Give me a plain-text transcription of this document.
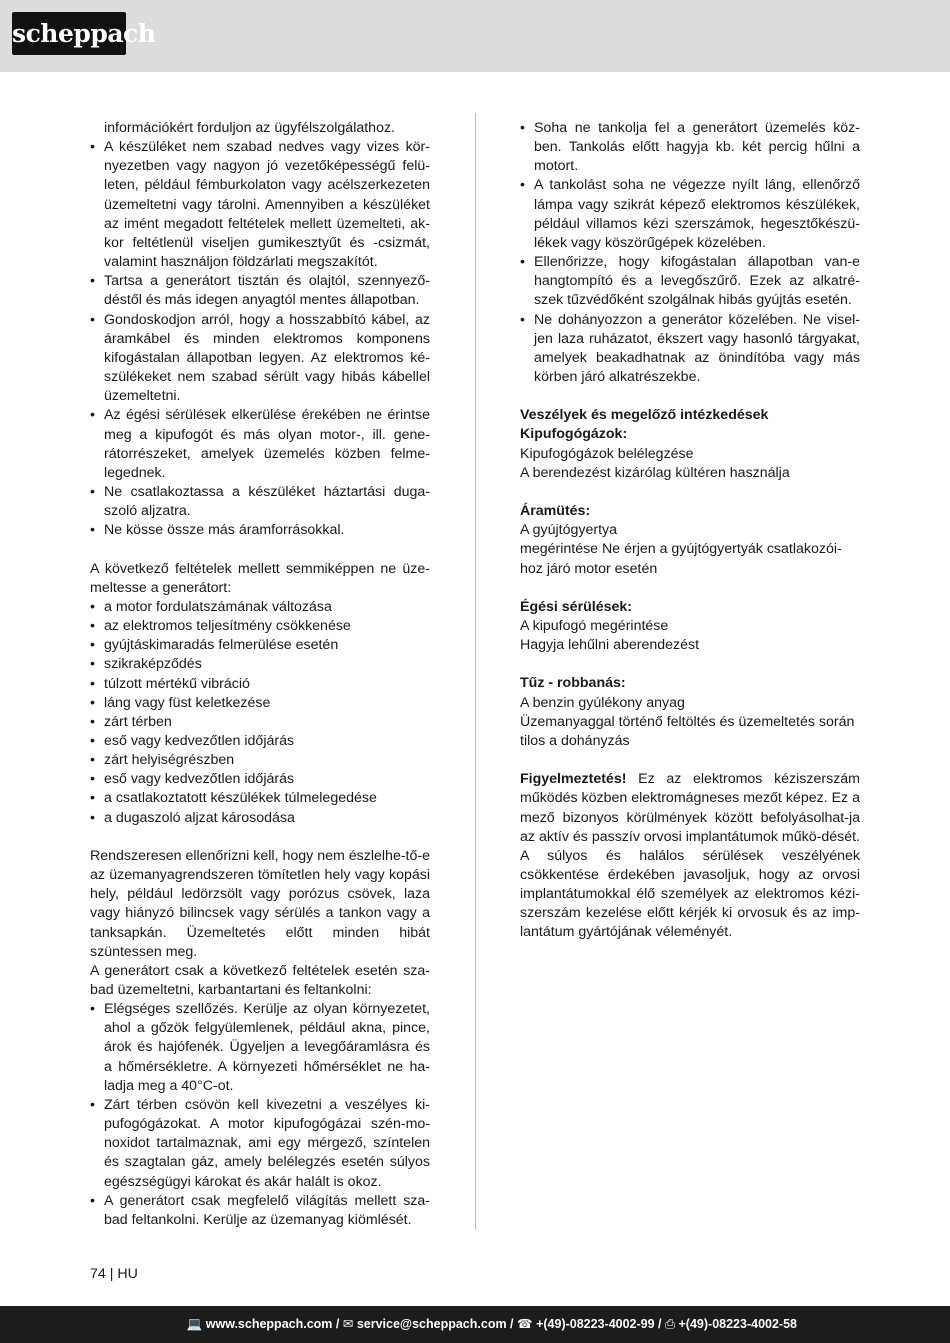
scheppach
információkért forduljon az ügyfélszolgálathoz.
• A készüléket nem szabad nedves vagy vizes kör-nyezetben vagy nagyon jó vezetőképességű felü-leten, például fémburkolaton vagy acélszerkezeten üzemeltetni vagy tárolni. Amennyiben a készüléket az imént megadott feltételek mellett üzemelteti, ak-kor feltétlenül viseljen gumikesztyűt és -csizmát, valamint használjon földzárlati megszakítót.
• Tartsa a generátort tisztán és olajtól, szennyező-déstől és más idegen anyagtól mentes állapotban.
• Gondoskodjon arról, hogy a hosszabbító kábel, az áramkábel és minden elektromos komponens kifogástalan állapotban legyen. Az elektromos ké-szülékeket nem szabad sérült vagy hibás kábellel üzemeltetni.
• Az égési sérülések elkerülése érekében ne érintse meg a kipufogót és más olyan motor-, ill. gene-rátorrészeket, amelyek üzemelés közben felme-legednek.
• Ne csatlakoztassa a készüléket háztartási duga-szoló aljzatra.
• Ne kösse össze más áramforrásokkal.

A következő feltételek mellett semmiképpen ne üze-meltesse a generátort:

• a motor fordulatszámának változása
• az elektromos teljesítmény csökkenése
• gyújtáskimaradás felmerülése esetén
• szikraképződés
• túlzott mértékű vibráció
• láng vagy füst keletkezése
• zárt térben
• eső vagy kedvezőtlen időjárás
• zárt helyiségrészben
• eső vagy kedvezőtlen időjárás
• a csatlakoztatott készülékek túlmelegedése
• a dugaszoló aljzat károsodása

Rendszeresen ellenőrizni kell, hogy nem észlelhe-tő-e az üzemanyagrendszeren tömítetlen hely vagy kopási hely, például ledörzsölt vagy porózus csövek, laza vagy hiányzó bilincsek vagy sérülés a tankon vagy a tanksapkán. Üzemeltetés előtt minden hibát szüntessen meg.

A generátort csak a következő feltételek esetén sza-bad üzemeltetni, karbantartani és feltankolni:

• Elégséges szellőzés. Kerülje az olyan környezetet, ahol a gőzök felgyülemlenek, például akna, pince, árok és hajófenék. Ügyeljen a levegőáramlásra és a hőmérsékletre. A környezeti hőmérséklet ne ha-ladja meg a 40°C-ot.
• Zárt térben csövön kell kivezetni a veszélyes ki-pufogógázokat. A motor kipufogógázai szén-mo-noxidot tartalmaznak, ami egy mérgező, színtelen és szagtalan gáz, amely belélegzés esetén súlyos egészségügyi károkat és akár halált is okoz.
• A generátort csak megfelelő világítás mellett sza-bad feltankolni. Kerülje az üzemanyag kiömlését.
• Soha ne tankolja fel a generátort üzemelés köz-ben. Tankolás előtt hagyja kb. két percig hűlni a motort.
• A tankolást soha ne végezze nyílt láng, ellenőrző lámpa vagy szikrát képező elektromos készülékek, például villamos kézi szerszámok, hegesztőkészü-lékek vagy köszörűgépek közelében.
• Ellenőrizze, hogy kifogástalan állapotban van-e hangtompító és a levegőszűrő. Ezek az alkatré-szek tűzvédőként szolgálnak hibás gyújtás esetén.
• Ne dohányozzon a generátor közelében. Ne visel-jen laza ruházatot, ékszert vagy hasonló tárgyakat, amelyek beakadhatnak az önindítóba vagy más körben járó alkatrészekbe.
Veszélyek és megelőző intézkedések
Kipufogógázok:
Kipufogógázok belélegzése
A berendezést kizárólag kültéren használja
Áramütés:
A gyújtógyertya
megérintése Ne érjen a gyújtógyertyák csatlakozói-
hoz járó motor esetén
Égési sérülések:
A kipufogó megérintése
Hagyja lehűlni aberendezést
Tűz - robbanás:
A benzin gyúlékony anyag
Üzemanyaggal történő feltöltés és üzemeltetés során
tilos a dohányzás

Figyelmeztetés! Ez az elektromos kéziszerszám működés közben elektromágneses mezőt képez. Ez a mező bizonyos körülmények között befolyásolhat-ja az aktív és passzív orvosi implantátumok műkö-dését. A súlyos és halálos sérülések veszélyének csökkentése érdekében javasoljuk, hogy az orvosi implantátumokkal élő személyek az elektromos kézi-szerszám kezelése előtt kérjék ki orvosuk és az imp-lantátum gyártójának véleményét.

74 | HU
💻 www.scheppach.com / ✉ service@scheppach.com / ☎ +(49)-08223-4002-99 / ⎙ +(49)-08223-4002-58
